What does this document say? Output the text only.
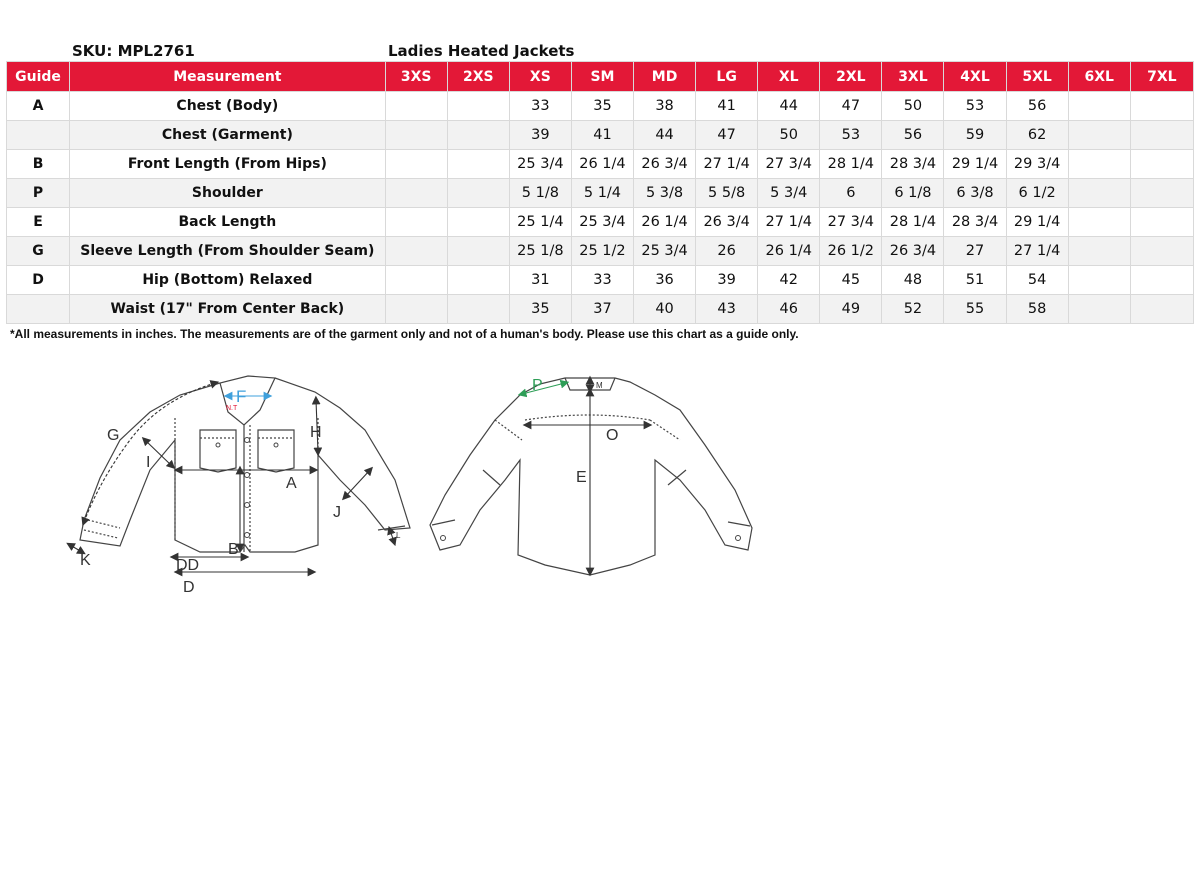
SKU: MPL2761	Ladies Heated Jackets
Guide	Measurement	3XS	2XS	XS	SM	MD	LG	XL	2XL	3XL	4XL	5XL	6XL	7XL
A	Chest (Body)			33	35	38	41	44	47	50	53	56		
	Chest (Garment)			39	41	44	47	50	53	56	59	62		
B	Front Length (From Hips)			25 3/4	26 1/4	26 3/4	27 1/4	27 3/4	28 1/4	28 3/4	29 1/4	29 3/4		
P	Shoulder			5 1/8	5 1/4	5 3/8	5 5/8	5 3/4	6	6 1/8	6 3/8	6 1/2		
E	Back Length			25 1/4	25 3/4	26 1/4	26 3/4	27 1/4	27 3/4	28 1/4	28 3/4	29 1/4		
G	Sleeve Length (From Shoulder Seam)			25 1/8	25 1/2	25 3/4	26	26 1/4	26 1/2	26 3/4	27	27 1/4		
D	Hip (Bottom) Relaxed			31	33	36	39	42	45	48	51	54		
	Waist (17" From Center Back)			35	37	40	43	46	49	52	55	58		
*All measurements in inches. The measurements are of the garment only and not of a human's body. Please use this chart as a guide only.
F
N.T
G	H
I
A
J
L
K
B
DD
D
P	M
O
E
